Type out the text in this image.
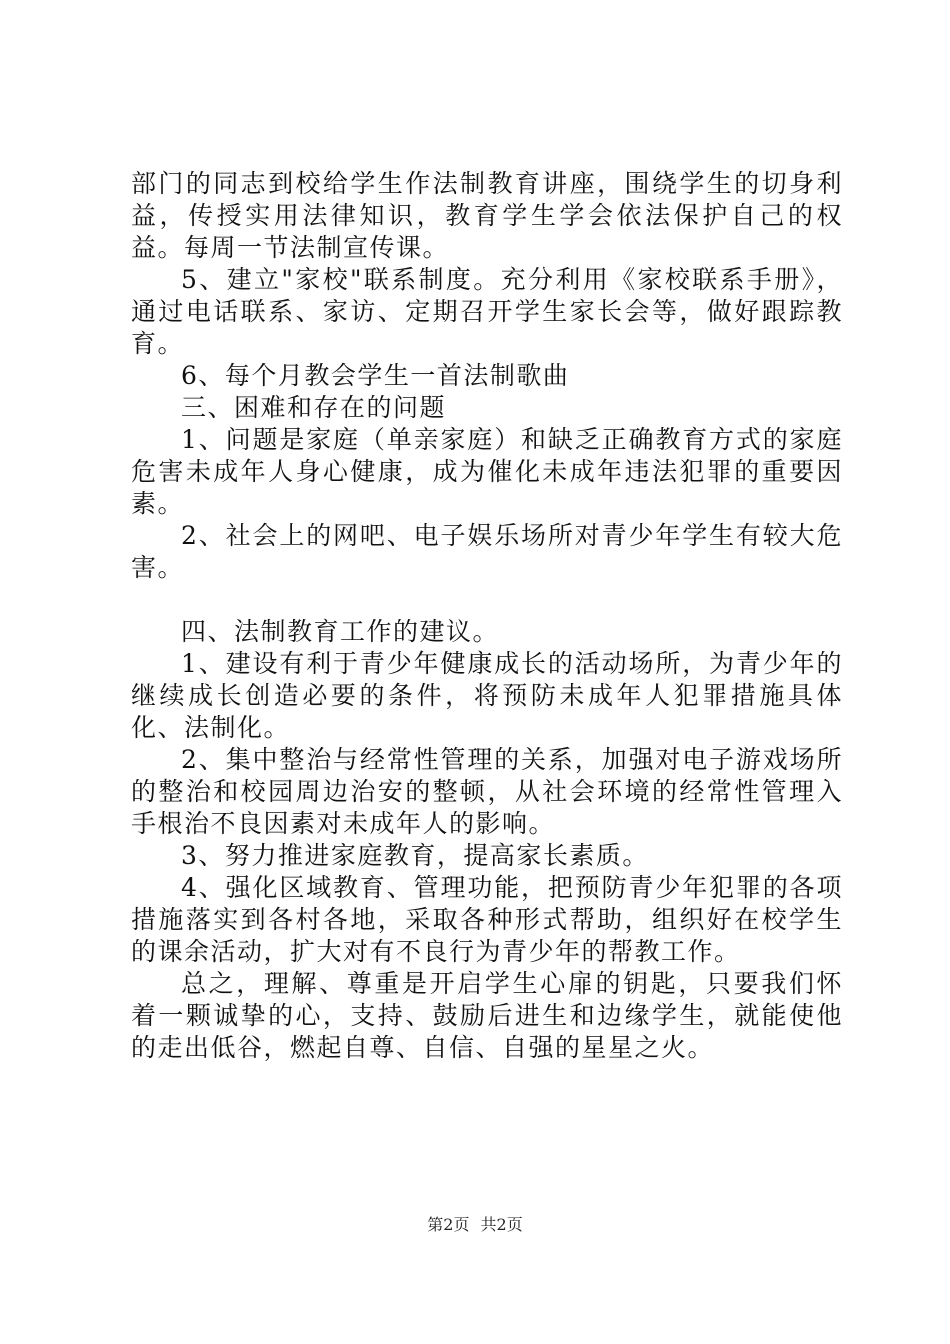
部门的同志到校给学生作法制教育讲座，围绕学生的切身利益，传授实用法律知识，教育学生学会依法保护自己的权益。每周一节法制宣传课。

5、建立"家校"联系制度。充分利用《家校联系手册》，通过电话联系、家访、定期召开学生家长会等，做好跟踪教育。

6、每个月教会学生一首法制歌曲

三、困难和存在的问题

1、问题是家庭（单亲家庭）和缺乏正确教育方式的家庭危害未成年人身心健康，成为催化未成年违法犯罪的重要因素。

2、社会上的网吧、电子娱乐场所对青少年学生有较大危害。

四、法制教育工作的建议。

1、建设有利于青少年健康成长的活动场所，为青少年的继续成长创造必要的条件，将预防未成年人犯罪措施具体化、法制化。

2、集中整治与经常性管理的关系，加强对电子游戏场所的整治和校园周边治安的整顿，从社会环境的经常性管理入手根治不良因素对未成年人的影响。

3、努力推进家庭教育，提高家长素质。

4、强化区域教育、管理功能，把预防青少年犯罪的各项措施落实到各村各地，采取各种形式帮助，组织好在校学生的课余活动，扩大对有不良行为青少年的帮教工作。

总之，理解、尊重是开启学生心扉的钥匙，只要我们怀着一颗诚挚的心，支持、鼓励后进生和边缘学生，就能使他的走出低谷，燃起自尊、自信、自强的星星之火。

第2页 共2页
